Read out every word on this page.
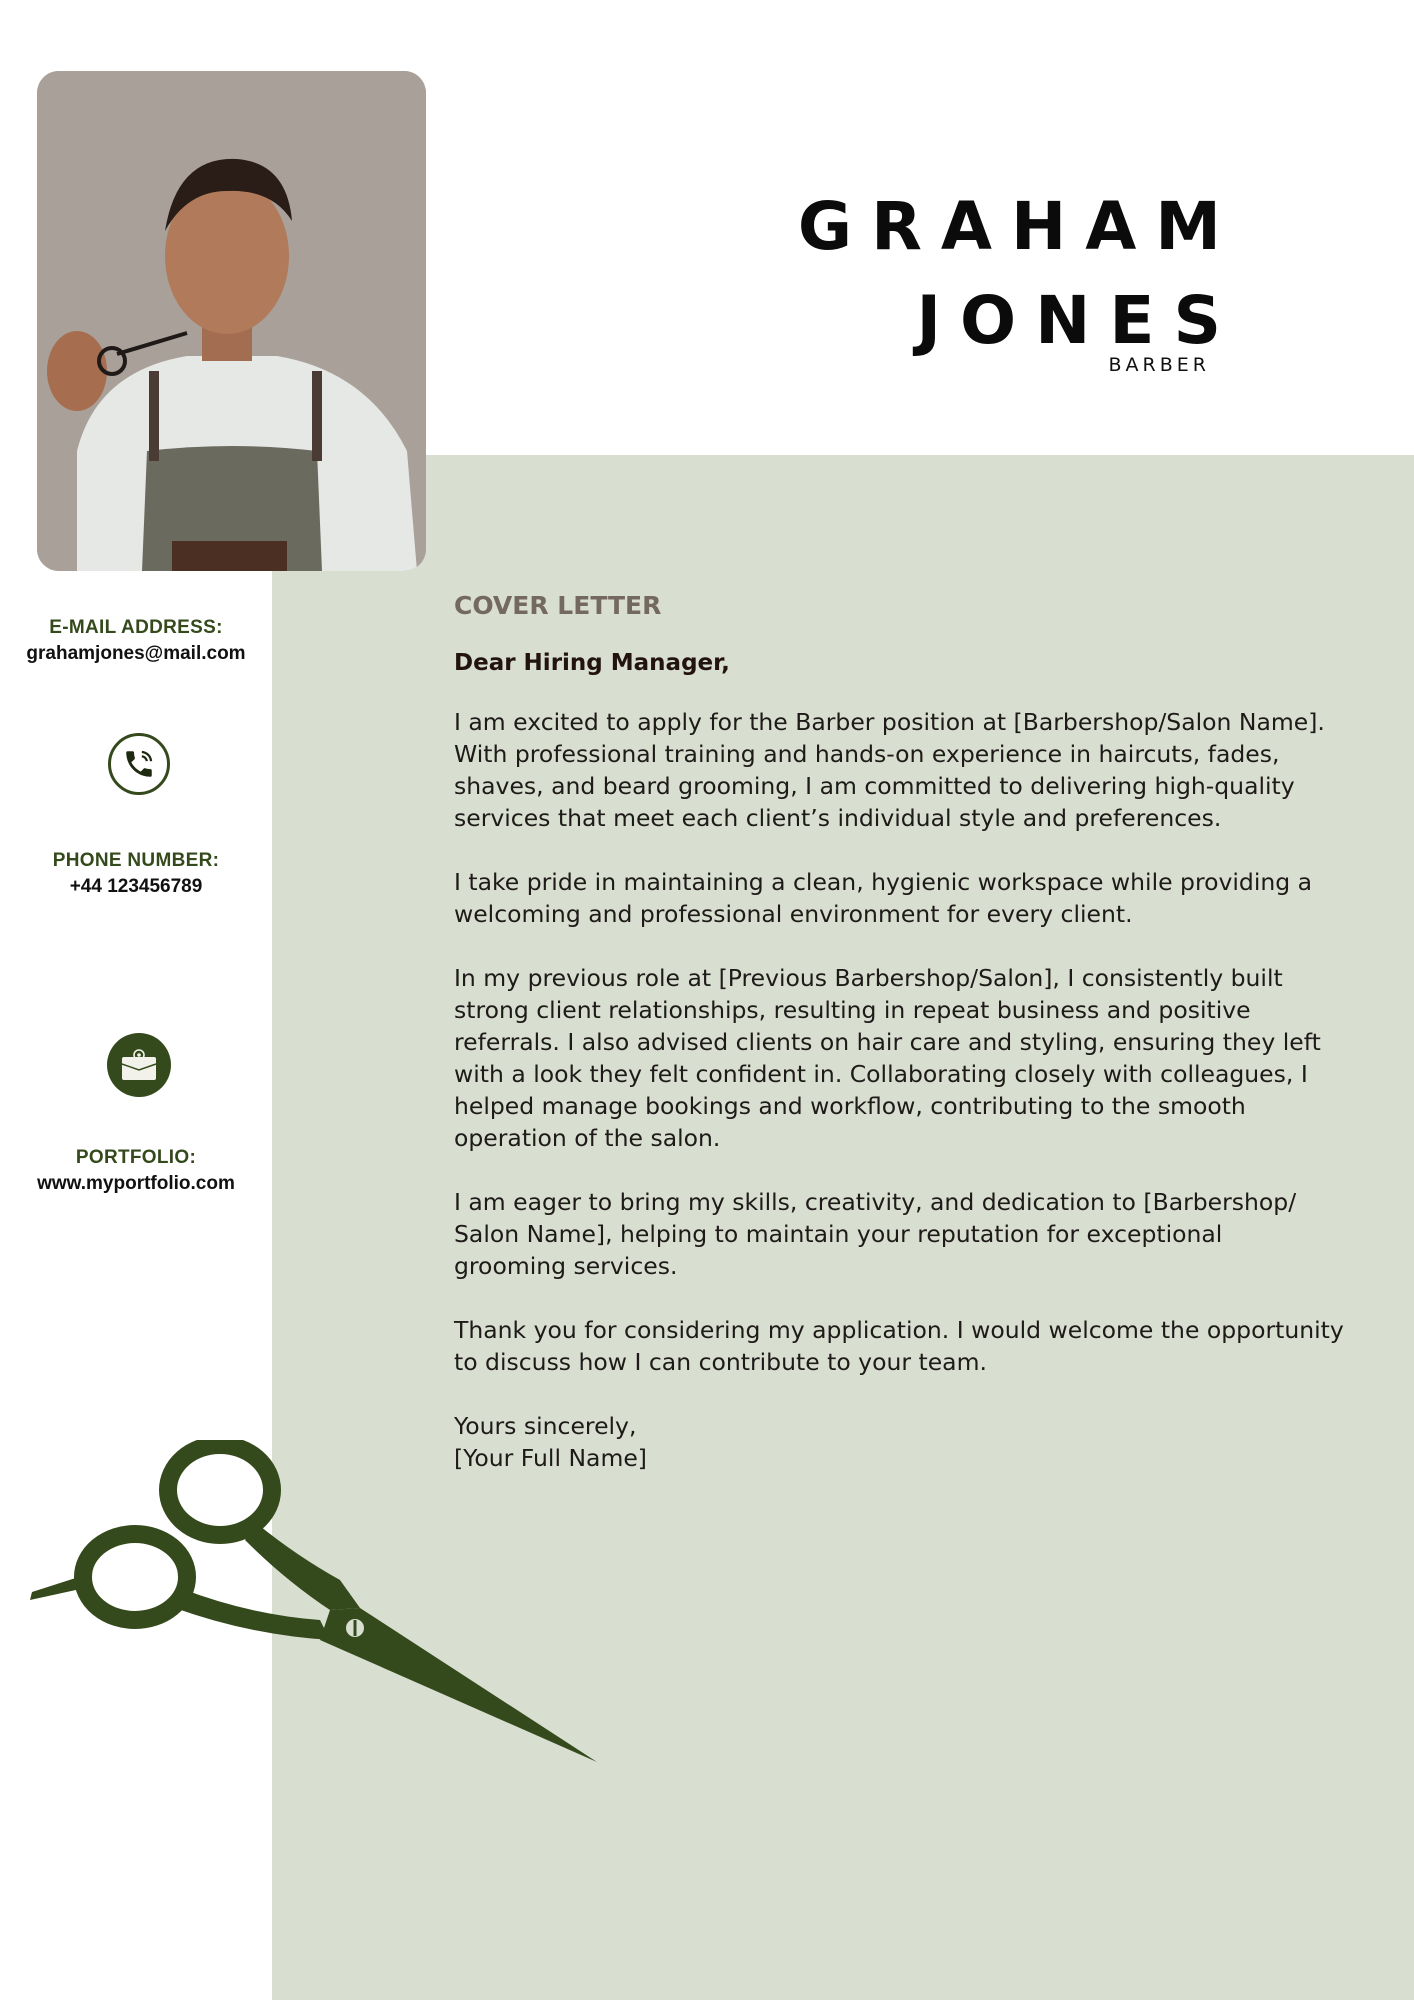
GRAHAM
JONES
BARBER
E-MAIL ADDRESS:
grahamjones@mail.com
PHONE NUMBER:
+44 123456789
PORTFOLIO:
www.myportfolio.com
COVER LETTER
Dear Hiring Manager,

I am excited to apply for the Barber position at [Barbershop/Salon Name].
With professional training and hands-on experience in haircuts, fades,
shaves, and beard grooming, I am committed to delivering high-quality
services that meet each client’s individual style and preferences.

I take pride in maintaining a clean, hygienic workspace while providing a
welcoming and professional environment for every client.

In my previous role at [Previous Barbershop/Salon], I consistently built
strong client relationships, resulting in repeat business and positive
referrals. I also advised clients on hair care and styling, ensuring they left
with a look they felt confident in. Collaborating closely with colleagues, I
helped manage bookings and workflow, contributing to the smooth
operation of the salon.

I am eager to bring my skills, creativity, and dedication to [Barbershop/
Salon Name], helping to maintain your reputation for exceptional
grooming services.

Thank you for considering my application. I would welcome the opportunity
to discuss how I can contribute to your team.

Yours sincerely,
[Your Full Name]
